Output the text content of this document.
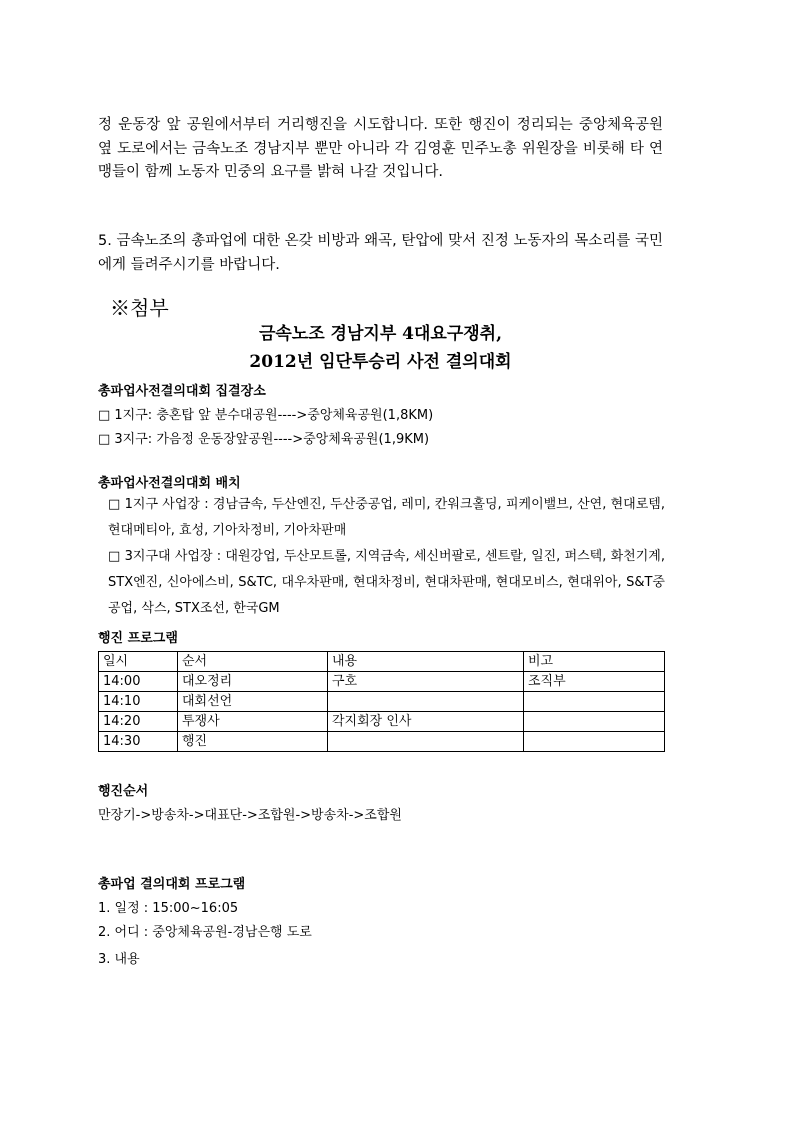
정 운동장 앞 공원에서부터 거리행진을 시도합니다. 또한 행진이 정리되는 중앙체육공원 옆 도로에서는 금속노조 경남지부 뿐만 아니라 각 김영훈 민주노총 위원장을 비롯해 타 연맹들이 함께 노동자 민중의 요구를 밝혀 나갈 것입니다.

5. 금속노조의 총파업에 대한 온갖 비방과 왜곡, 탄압에 맞서 진정 노동자의 목소리를 국민에게 들려주시기를 바랍니다.

※첨부
금속노조 경남지부 4대요구쟁취,
2012년 임단투승리 사전 결의대회
총파업사전결의대회 집결장소
□ 1지구: 충혼탑 앞 분수대공원---->중앙체육공원(1,8KM)
□ 3지구: 가음정 운동장앞공원---->중앙체육공원(1,9KM)
총파업사전결의대회 배치

□ 1지구 사업장 : 경남금속, 두산엔진, 두산중공업, 레미, 칸워크홀딩, 피케이밸브, 산연, 현대로템, 현대메티아, 효성, 기아차정비, 기아차판매

□ 3지구대 사업장 : 대원강업, 두산모트롤, 지역금속, 세신버팔로, 센트랄, 일진, 퍼스텍, 화천기계, STX엔진, 신아에스비, S&TC, 대우차판매, 현대차정비, 현대차판매, 현대모비스, 현대위아, S&T중공업, 삭스, STX조선, 한국GM

행진 프로그램
일시	순서	내용	비고
14:00	대오정리	구호	조직부
14:10	대회선언		
14:20	투쟁사	각지회장 인사	
14:30	행진		
행진순서
만장기->방송차->대표단->조합원->방송차->조합원
총파업 결의대회 프로그램
1. 일정 : 15:00~16:05
2. 어디 : 중앙체육공원-경남은행 도로
3. 내용
